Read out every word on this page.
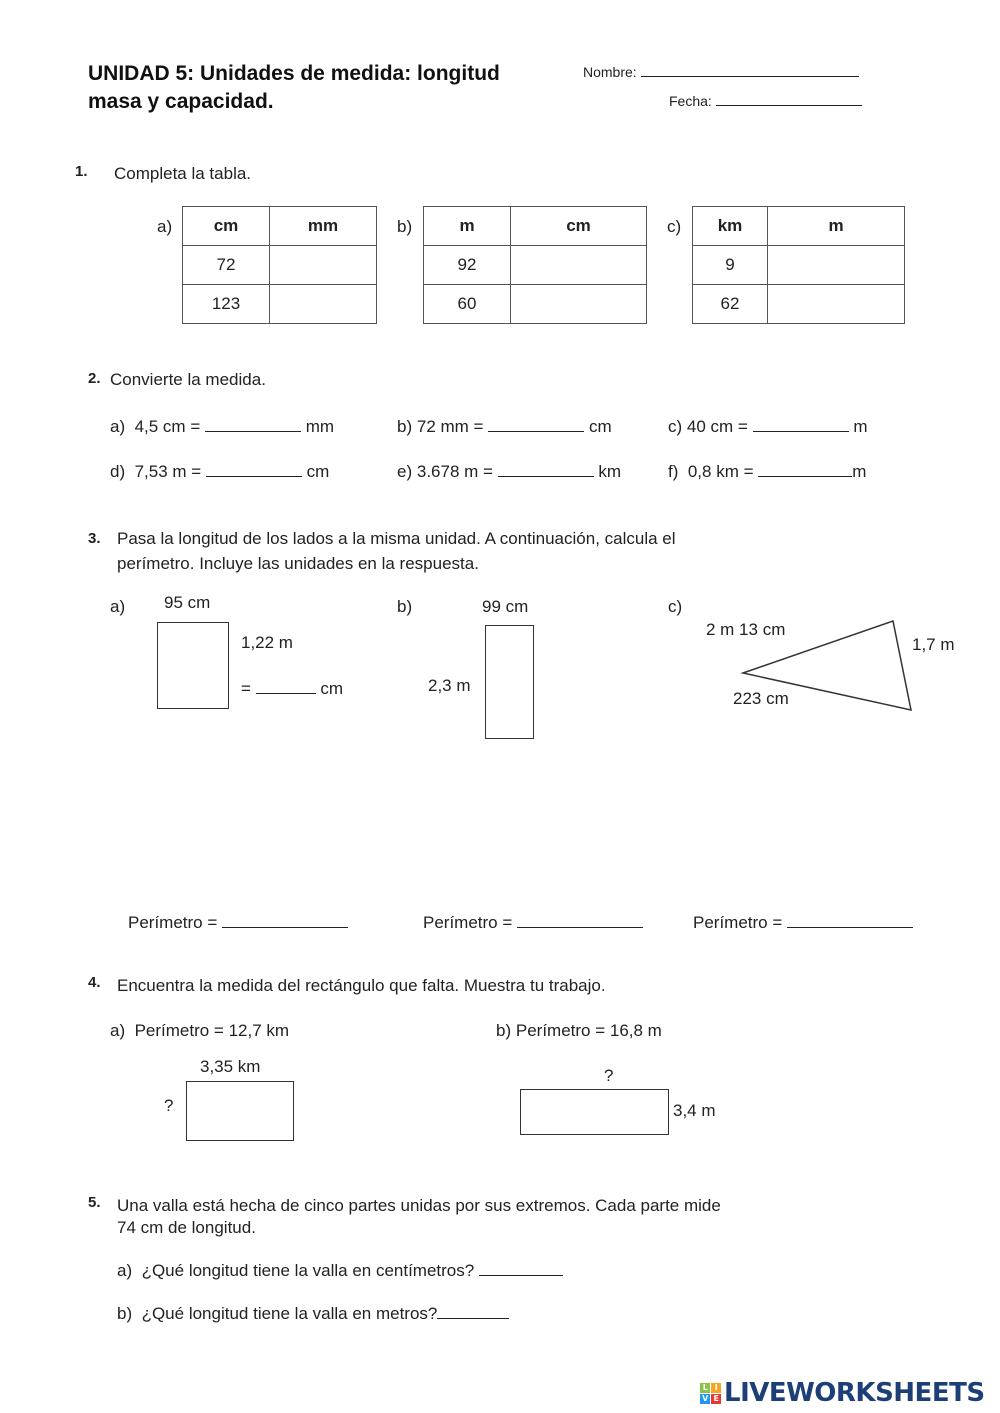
UNIDAD 5: Unidades de medida: longitud
masa y capacidad.
Nombre:
Fecha:
1. Completa la tabla.
a) cm	mm
72	
123	
b)	m	cm
92	
60	
c) km	m
9	
62	
2. Convierte la medida.
a) 4,5 cm =	mm	b) 72 mm =	cm	c) 40 cm =	m
d) 7,53 m =	cm	e) 3.678 m =	km	f) 0,8 km =	m
3. Pasa la longitud de los lados a la misma unidad. A continuación, calcula el
perímetro. Incluye las unidades en la respuesta.
a) 95 cm
1,22 m
=	cm
b)	99 cm
2,3 m
c)
2 m 13 cm
1,7 m
223 cm
Perímetro =	Perímetro =	Perímetro =
4. Encuentra la medida del rectángulo que falta. Muestra tu trabajo.
a) Perímetro = 12,7 km
3,35 km
?
b) Perímetro = 16,8 m
?
3,4 m
5. Una valla está hecha de cinco partes unidas por sus extremos. Cada parte mide
74 cm de longitud.
a) ¿Qué longitud tiene la valla en centímetros?
b) ¿Qué longitud tiene la valla en metros?
L I
V E LIVEWORKSHEETS
